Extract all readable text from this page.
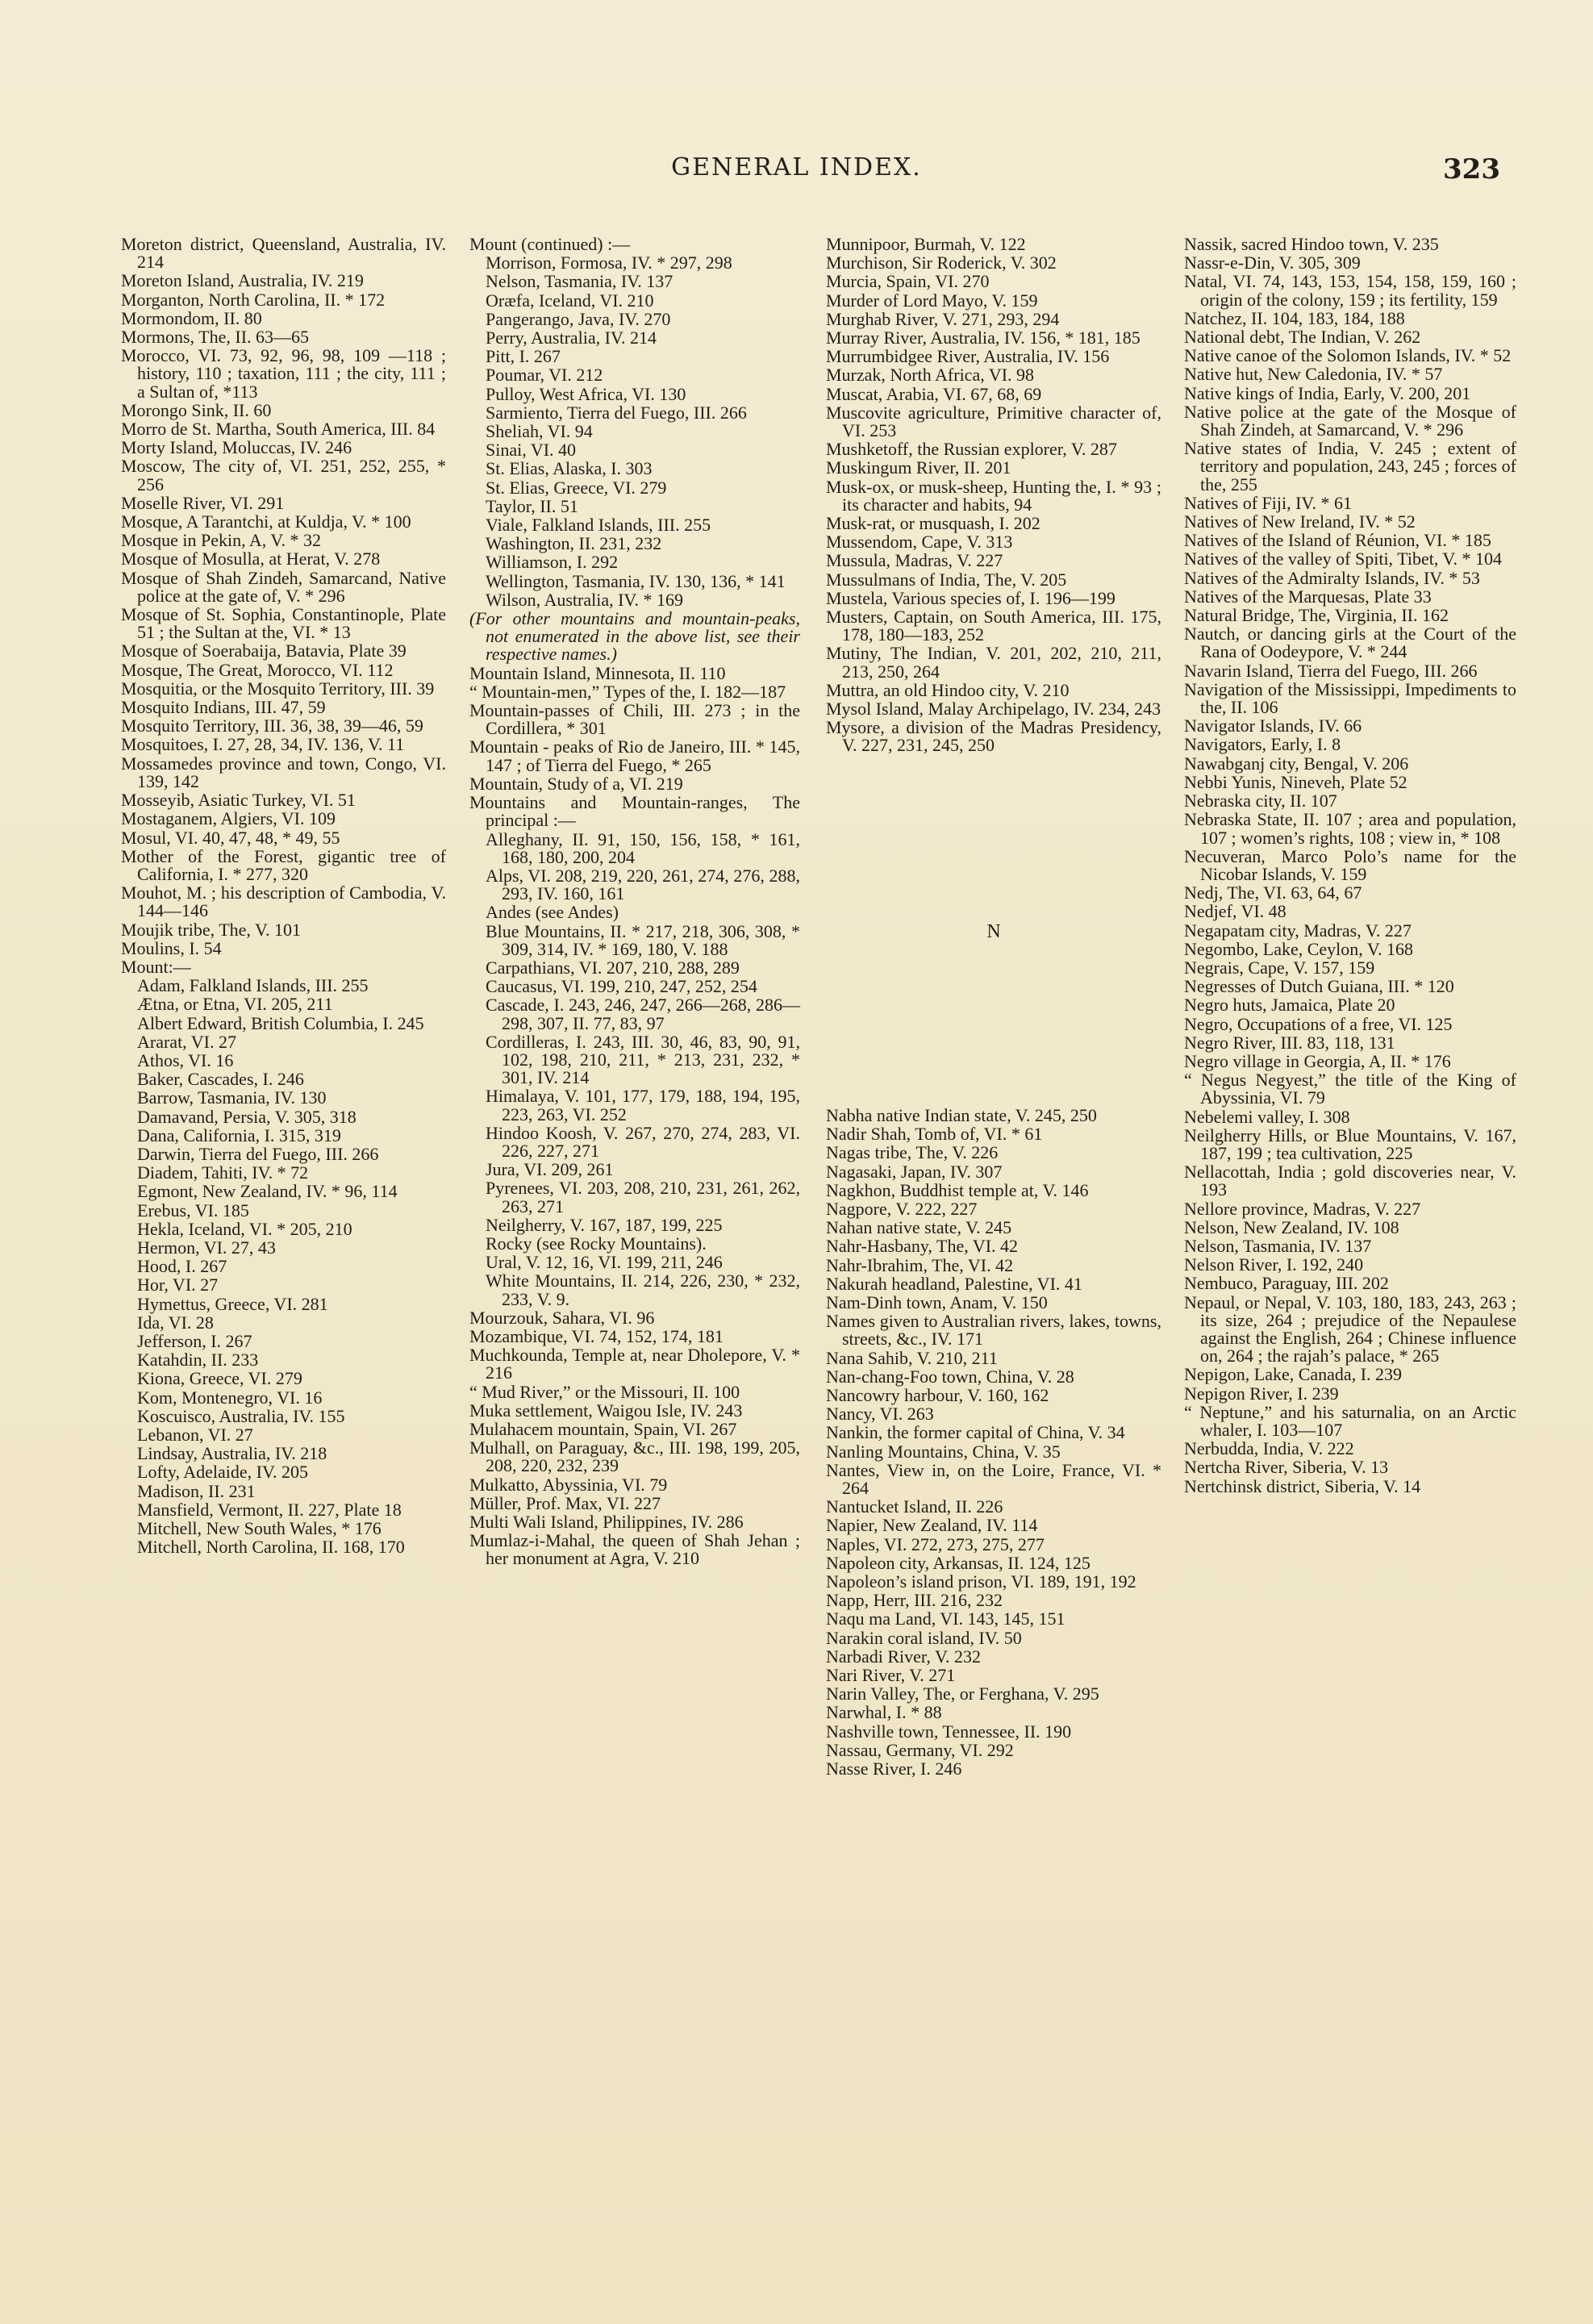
GENERAL INDEX.	323

Moreton district, Queensland, Australia, IV. 214

Moreton Island, Australia, IV. 219

Morganton, North Carolina, II. * 172

Mormondom, II. 80

Mormons, The, II. 63—65

Morocco, VI. 73, 92, 96, 98, 109 —118 ; history, 110 ; taxation, 111 ; the city, 111 ; a Sultan of, *113

Morongo Sink, II. 60

Morro de St. Martha, South America, III. 84

Morty Island, Moluccas, IV. 246

Moscow, The city of, VI. 251, 252, 255, * 256

Moselle River, VI. 291

Mosque, A Tarantchi, at Kuldja, V. * 100

Mosque in Pekin, A, V. * 32

Mosque of Mosulla, at Herat, V. 278

Mosque of Shah Zindeh, Samarcand, Native police at the gate of, V. * 296

Mosque of St. Sophia, Constantinople, Plate 51 ; the Sultan at the, VI. * 13

Mosque of Soerabaija, Batavia, Plate 39

Mosque, The Great, Morocco, VI. 112

Mosquitia, or the Mosquito Territory, III. 39

Mosquito Indians, III. 47, 59

Mosquito Territory, III. 36, 38, 39—46, 59

Mosquitoes, I. 27, 28, 34, IV. 136, V. 11

Mossamedes province and town, Congo, VI. 139, 142

Mosseyib, Asiatic Turkey, VI. 51

Mostaganem, Algiers, VI. 109

Mosul, VI. 40, 47, 48, * 49, 55

Mother of the Forest, gigantic tree of California, I. * 277, 320

Mouhot, M. ; his description of Cambodia, V. 144—146

Moujik tribe, The, V. 101

Moulins, I. 54

Mount:—

Adam, Falkland Islands, III. 255

Ætna, or Etna, VI. 205, 211

Albert Edward, British Columbia, I. 245

Ararat, VI. 27

Athos, VI. 16

Baker, Cascades, I. 246

Barrow, Tasmania, IV. 130

Damavand, Persia, V. 305, 318

Dana, California, I. 315, 319

Darwin, Tierra del Fuego, III. 266

Diadem, Tahiti, IV. * 72

Egmont, New Zealand, IV. * 96, 114

Erebus, VI. 185

Hekla, Iceland, VI. * 205, 210

Hermon, VI. 27, 43

Hood, I. 267

Hor, VI. 27

Hymettus, Greece, VI. 281

Ida, VI. 28

Jefferson, I. 267

Katahdin, II. 233

Kiona, Greece, VI. 279

Kom, Montenegro, VI. 16

Koscuisco, Australia, IV. 155

Lebanon, VI. 27

Lindsay, Australia, IV. 218

Lofty, Adelaide, IV. 205

Madison, II. 231

Mansfield, Vermont, II. 227, Plate 18

Mitchell, New South Wales, * 176

Mitchell, North Carolina, II. 168, 170

Mount (continued) :—

Morrison, Formosa, IV. * 297, 298

Nelson, Tasmania, IV. 137

Oræfa, Iceland, VI. 210

Pangerango, Java, IV. 270

Perry, Australia, IV. 214

Pitt, I. 267

Poumar, VI. 212

Pulloy, West Africa, VI. 130

Sarmiento, Tierra del Fuego, III. 266

Sheliah, VI. 94

Sinai, VI. 40

St. Elias, Alaska, I. 303

St. Elias, Greece, VI. 279

Taylor, II. 51

Viale, Falkland Islands, III. 255

Washington, II. 231, 232

Williamson, I. 292

Wellington, Tasmania, IV. 130, 136, * 141

Wilson, Australia, IV. * 169

(For other mountains and mountain-peaks, not enumerated in the above list, see their respective names.)

Mountain Island, Minnesota, II. 110

“ Mountain-men,” Types of the, I. 182—187

Mountain-passes of Chili, III. 273 ; in the Cordillera, * 301

Mountain - peaks of Rio de Janeiro, III. * 145, 147 ; of Tierra del Fuego, * 265

Mountain, Study of a, VI. 219

Mountains and Mountain-ranges, The principal :—

Alleghany, II. 91, 150, 156, 158, * 161, 168, 180, 200, 204

Alps, VI. 208, 219, 220, 261, 274, 276, 288, 293, IV. 160, 161

Andes (see Andes)

Blue Mountains, II. * 217, 218, 306, 308, * 309, 314, IV. * 169, 180, V. 188

Carpathians, VI. 207, 210, 288, 289

Caucasus, VI. 199, 210, 247, 252, 254

Cascade, I. 243, 246, 247, 266—268, 286—298, 307, II. 77, 83, 97

Cordilleras, I. 243, III. 30, 46, 83, 90, 91, 102, 198, 210, 211, * 213, 231, 232, * 301, IV. 214

Himalaya, V. 101, 177, 179, 188, 194, 195, 223, 263, VI. 252

Hindoo Koosh, V. 267, 270, 274, 283, VI. 226, 227, 271

Jura, VI. 209, 261

Pyrenees, VI. 203, 208, 210, 231, 261, 262, 263, 271

Neilgherry, V. 167, 187, 199, 225

Rocky (see Rocky Mountains).

Ural, V. 12, 16, VI. 199, 211, 246

White Mountains, II. 214, 226, 230, * 232, 233, V. 9.

Mourzouk, Sahara, VI. 96

Mozambique, VI. 74, 152, 174, 181

Muchkounda, Temple at, near Dholepore, V. * 216

“ Mud River,” or the Missouri, II. 100

Muka settlement, Waigou Isle, IV. 243

Mulahacem mountain, Spain, VI. 267

Mulhall, on Paraguay, &c., III. 198, 199, 205, 208, 220, 232, 239

Mulkatto, Abyssinia, VI. 79

Müller, Prof. Max, VI. 227

Multi Wali Island, Philippines, IV. 286

Mumlaz-i-Mahal, the queen of Shah Jehan ; her monument at Agra, V. 210

Munnipoor, Burmah, V. 122

Murchison, Sir Roderick, V. 302

Murcia, Spain, VI. 270

Murder of Lord Mayo, V. 159

Murghab River, V. 271, 293, 294

Murray River, Australia, IV. 156, * 181, 185

Murrumbidgee River, Australia, IV. 156

Murzak, North Africa, VI. 98

Muscat, Arabia, VI. 67, 68, 69

Muscovite agriculture, Primitive character of, VI. 253

Mushketoff, the Russian explorer, V. 287

Muskingum River, II. 201

Musk-ox, or musk-sheep, Hunting the, I. * 93 ; its character and habits, 94

Musk-rat, or musquash, I. 202

Mussendom, Cape, V. 313

Mussula, Madras, V. 227

Mussulmans of India, The, V. 205

Mustela, Various species of, I. 196—199

Musters, Captain, on South America, III. 175, 178, 180—183, 252

Mutiny, The Indian, V. 201, 202, 210, 211, 213, 250, 264

Muttra, an old Hindoo city, V. 210

Mysol Island, Malay Archipelago, IV. 234, 243

Mysore, a division of the Madras Presidency, V. 227, 231, 245, 250

N

Nabha native Indian state, V. 245, 250

Nadir Shah, Tomb of, VI. * 61

Nagas tribe, The, V. 226

Nagasaki, Japan, IV. 307

Nagkhon, Buddhist temple at, V. 146

Nagpore, V. 222, 227

Nahan native state, V. 245

Nahr-Hasbany, The, VI. 42

Nahr-Ibrahim, The, VI. 42

Nakurah headland, Palestine, VI. 41

Nam-Dinh town, Anam, V. 150

Names given to Australian rivers, lakes, towns, streets, &c., IV. 171

Nana Sahib, V. 210, 211

Nan-chang-Foo town, China, V. 28

Nancowry harbour, V. 160, 162

Nancy, VI. 263

Nankin, the former capital of China, V. 34

Nanling Mountains, China, V. 35

Nantes, View in, on the Loire, France, VI. * 264

Nantucket Island, II. 226

Napier, New Zealand, IV. 114

Naples, VI. 272, 273, 275, 277

Napoleon city, Arkansas, II. 124, 125

Napoleon’s island prison, VI. 189, 191, 192

Napp, Herr, III. 216, 232

Naqu ma Land, VI. 143, 145, 151

Narakin coral island, IV. 50

Narbadi River, V. 232

Nari River, V. 271

Narin Valley, The, or Ferghana, V. 295

Narwhal, I. * 88

Nashville town, Tennessee, II. 190

Nassau, Germany, VI. 292

Nasse River, I. 246

Nassik, sacred Hindoo town, V. 235

Nassr-e-Din, V. 305, 309

Natal, VI. 74, 143, 153, 154, 158, 159, 160 ; origin of the colony, 159 ; its fertility, 159

Natchez, II. 104, 183, 184, 188

National debt, The Indian, V. 262

Native canoe of the Solomon Islands, IV. * 52

Native hut, New Caledonia, IV. * 57

Native kings of India, Early, V. 200, 201

Native police at the gate of the Mosque of Shah Zindeh, at Samarcand, V. * 296

Native states of India, V. 245 ; extent of territory and population, 243, 245 ; forces of the, 255

Natives of Fiji, IV. * 61

Natives of New Ireland, IV. * 52

Natives of the Island of Réunion, VI. * 185

Natives of the valley of Spiti, Tibet, V. * 104

Natives of the Admiralty Islands, IV. * 53

Natives of the Marquesas, Plate 33

Natural Bridge, The, Virginia, II. 162

Nautch, or dancing girls at the Court of the Rana of Oodeypore, V. * 244

Navarin Island, Tierra del Fuego, III. 266

Navigation of the Mississippi, Impediments to the, II. 106

Navigator Islands, IV. 66

Navigators, Early, I. 8

Nawabganj city, Bengal, V. 206

Nebbi Yunis, Nineveh, Plate 52

Nebraska city, II. 107

Nebraska State, II. 107 ; area and population, 107 ; women’s rights, 108 ; view in, * 108

Necuveran, Marco Polo’s name for the Nicobar Islands, V. 159

Nedj, The, VI. 63, 64, 67

Nedjef, VI. 48

Negapatam city, Madras, V. 227

Negombo, Lake, Ceylon, V. 168

Negrais, Cape, V. 157, 159

Negresses of Dutch Guiana, III. * 120

Negro huts, Jamaica, Plate 20

Negro, Occupations of a free, VI. 125

Negro River, III. 83, 118, 131

Negro village in Georgia, A, II. * 176

“ Negus Negyest,” the title of the King of Abyssinia, VI. 79

Nebelemi valley, I. 308

Neilgherry Hills, or Blue Mountains, V. 167, 187, 199 ; tea cultivation, 225

Nellacottah, India ; gold discoveries near, V. 193

Nellore province, Madras, V. 227

Nelson, New Zealand, IV. 108

Nelson, Tasmania, IV. 137

Nelson River, I. 192, 240

Nembuco, Paraguay, III. 202

Nepaul, or Nepal, V. 103, 180, 183, 243, 263 ; its size, 264 ; prejudice of the Nepaulese against the English, 264 ; Chinese influence on, 264 ; the rajah’s palace, * 265

Nepigon, Lake, Canada, I. 239

Nepigon River, I. 239

“ Neptune,” and his saturnalia, on an Arctic whaler, I. 103—107

Nerbudda, India, V. 222

Nertcha River, Siberia, V. 13

Nertchinsk district, Siberia, V. 14
